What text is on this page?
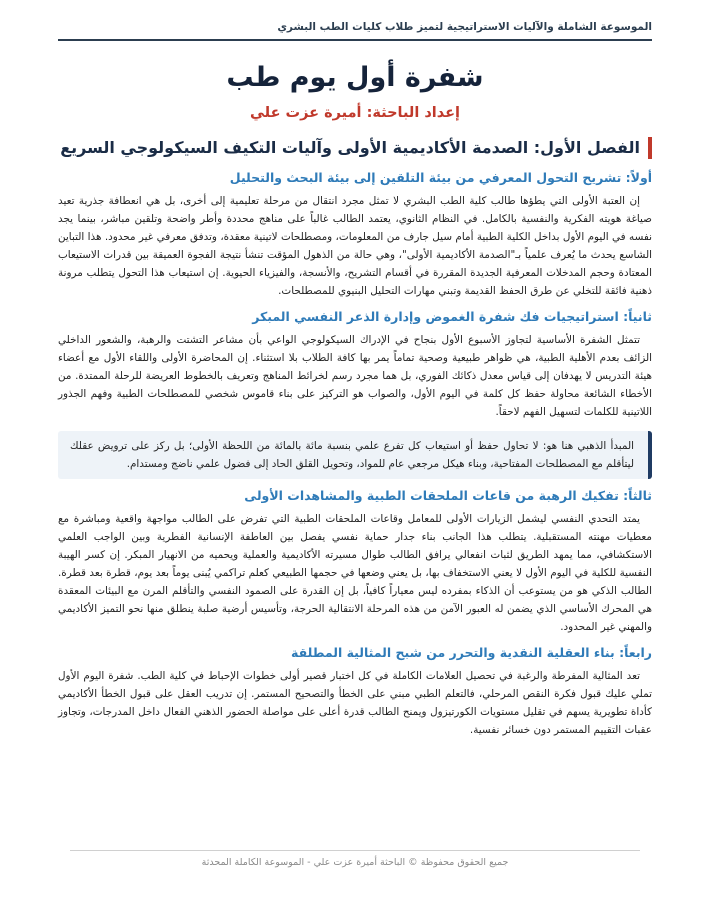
الموسوعة الشاملة والآليات الاستراتيجية لتميز طلاب كليات الطب البشري
شفرة أول يوم طب
إعداد الباحثة: أميرة عزت علي
الفصل الأول: الصدمة الأكاديمية الأولى وآليات التكيف السيكولوجي السريع
أولاً: تشريح التحول المعرفي من بيئة التلقين إلى بيئة البحث والتحليل

إن العتبة الأولى التي يطؤها طالب كلية الطب البشري لا تمثل مجرد انتقال من مرحلة تعليمية إلى أخرى، بل هي انعطافة جذرية تعيد صياغة هويته الفكرية والنفسية بالكامل. في النظام الثانوي، يعتمد الطالب غالباً على مناهج محددة وأطر واضحة وتلقين مباشر، بينما يجد نفسه في اليوم الأول بداخل الكلية الطبية أمام سيل جارف من المعلومات، ومصطلحات لاتينية معقدة، وتدفق معرفي غير محدود. هذا التباين الشاسع يحدث ما يُعرف علمياً بـ"الصدمة الأكاديمية الأولى"، وهي حالة من الذهول المؤقت تنشأ نتيجة الفجوة العميقة بين قدرات الاستيعاب المعتادة وحجم المدخلات المعرفية الجديدة المقررة في أقسام التشريح، والأنسجة، والفيزياء الحيوية. إن استيعاب هذا التحول يتطلب مرونة ذهنية فائقة للتخلي عن طرق الحفظ القديمة وتبني مهارات التحليل البنيوي للمصطلحات.

ثانياً: استراتيجيات فك شفرة الغموض وإدارة الذعر النفسي المبكر

تتمثل الشفرة الأساسية لتجاوز الأسبوع الأول بنجاح في الإدراك السيكولوجي الواعي بأن مشاعر التشتت والرهبة، والشعور الداخلي الزائف بعدم الأهلية الطبية، هي ظواهر طبيعية وصحية تماماً يمر بها كافة الطلاب بلا استثناء. إن المحاضرة الأولى واللقاء الأول مع أعضاء هيئة التدريس لا يهدفان إلى قياس معدل ذكائك الفوري، بل هما مجرد رسم لخرائط المناهج وتعريف بالخطوط العريضة للرحلة الممتدة. من الأخطاء الشائعة محاولة حفظ كل كلمة في اليوم الأول، والصواب هو التركيز على بناء قاموس شخصي للمصطلحات الطبية وفهم الجذور اللاتينية للكلمات لتسهيل الفهم لاحقاً.

المبدأ الذهبي هنا هو: لا تحاول حفظ أو استيعاب كل تفرع علمي بنسبة مائة بالمائة من اللحظة الأولى؛ بل ركز على ترويض عقلك ليتأقلم مع المصطلحات المفتاحية، وبناء هيكل مرجعي عام للمواد، وتحويل القلق الحاد إلى فضول علمي ناضج ومستدام.
ثالثاً: تفكيك الرهبة من قاعات الملحقات الطبية والمشاهدات الأولى

يمتد التحدي النفسي ليشمل الزيارات الأولى للمعامل وقاعات الملحقات الطبية التي تفرض على الطالب مواجهة واقعية ومباشرة مع معطيات مهنته المستقبلية. يتطلب هذا الجانب بناء جدار حماية نفسي يفصل بين العاطفة الإنسانية الفطرية وبين الواجب العلمي الاستكشافي، مما يمهد الطريق لثبات انفعالي يرافق الطالب طوال مسيرته الأكاديمية والعملية ويحميه من الانهيار المبكر. إن كسر الهيبة النفسية للكلية في اليوم الأول لا يعني الاستخفاف بها، بل يعني وضعها في حجمها الطبيعي كعلم تراكمي يُبنى يوماً بعد يوم، قطرة بعد قطرة. الطالب الذكي هو من يستوعب أن الذكاء بمفرده ليس معياراً كافياً، بل إن القدرة على الصمود النفسي والتأقلم المرن مع البيئات المعقدة هي المحرك الأساسي الذي يضمن له العبور الآمن من هذه المرحلة الانتقالية الحرجة، وتأسيس أرضية صلبة ينطلق منها نحو التميز الأكاديمي والمهني غير المحدود.

رابعاً: بناء العقلية النقدية والتحرر من شبح المثالية المطلقة

تعد المثالية المفرطة والرغبة في تحصيل العلامات الكاملة في كل اختبار قصير أولى خطوات الإحباط في كلية الطب. شفرة اليوم الأول تملي عليك قبول فكرة النقص المرحلي، فالتعلم الطبي مبني على الخطأ والتصحيح المستمر. إن تدريب العقل على قبول الخطأ الأكاديمي كأداة تطويرية يسهم في تقليل مستويات الكورتيزول ويمنح الطالب قدرة أعلى على مواصلة الحضور الذهني الفعال داخل المدرجات، وتجاوز عقبات التقييم المستمر دون خسائر نفسية.

جميع الحقوق محفوظة © الباحثة أميرة عزت علي - الموسوعة الكاملة المحدثة
